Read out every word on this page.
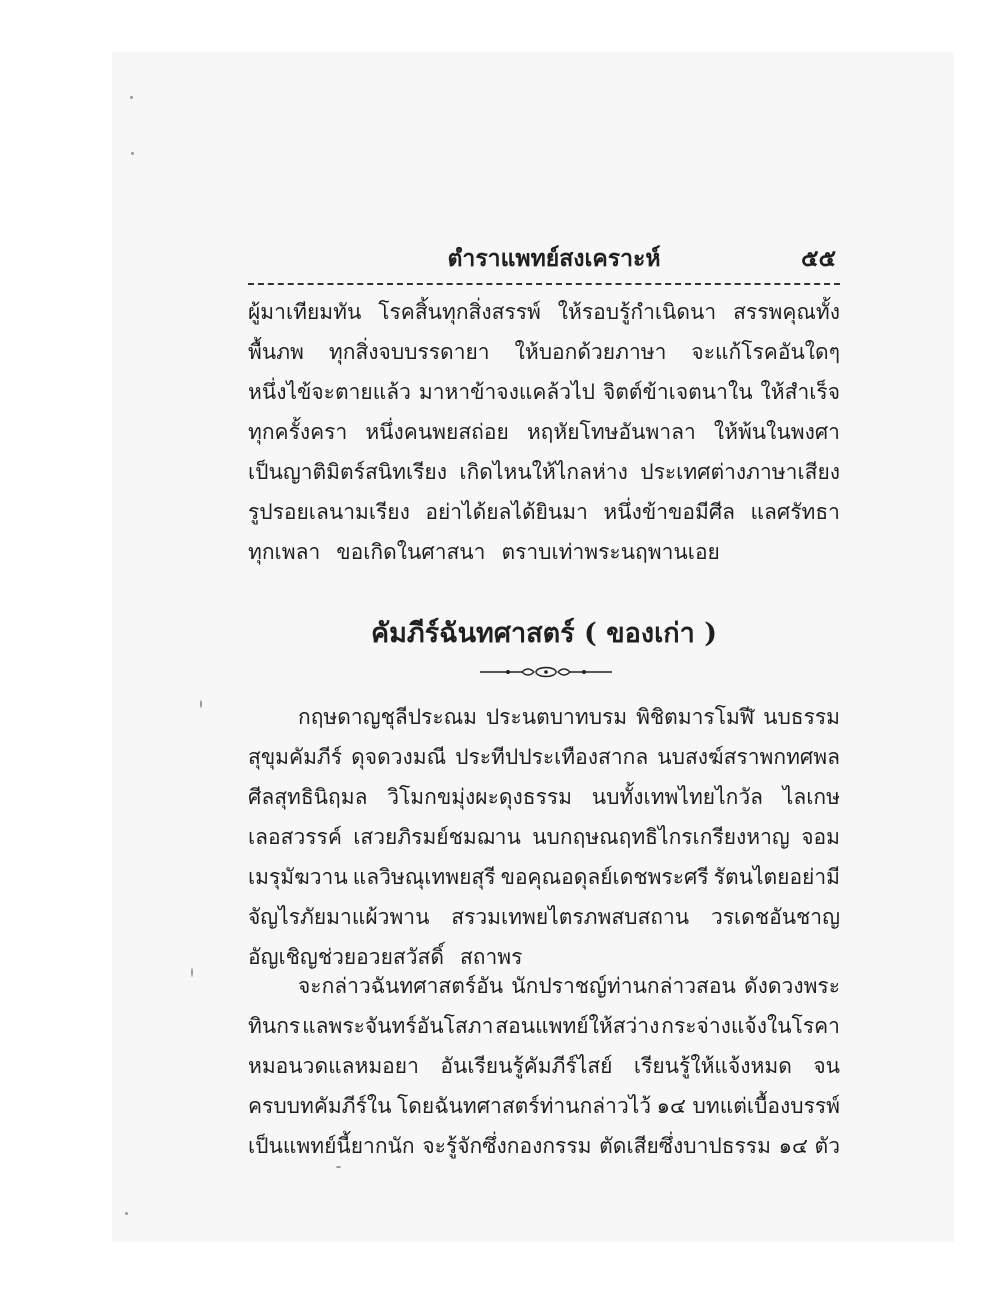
ตำราแพทย์สงเคราะห์	๕๕
ผู้มาเทียมทัน โรคสิ้นทุกสิ่งสรรพ์ ให้รอบรู้กำเนิดนา สรรพคุณทั้ง
พื้นภพ ทุกสิ่งจบบรรดายา ให้บอกด้วยภาษา จะแก้โรคอันใดๆ
หนึ่งไข้จะตายแล้ว มาหาข้าจงแคล้วไป จิตต์ข้าเจตนาใน ให้สำเร็จ
ทุกครั้งครา หนึ่งคนพยสถ่อย หฤหัยโทษอันพาลา ให้พ้นในพงศา
เป็นญาติมิตร์สนิทเรียง เกิดไหนให้ไกลห่าง ประเทศต่างภาษาเสียง
รูปรอยเลนามเรียง อย่าได้ยลได้ยินมา หนึ่งข้าขอมีศีล แลศรัทธา
ทุกเพลา ขอเกิดในศาสนา ตราบเท่าพระนฤพานเอย
คัมภีร์ฉันทศาสตร์ ( ของเก่า )
กฤษดาญชุลีประณม ประนตบาทบรม พิชิตมารโมฬี นบธรรม
สุขุมคัมภีร์ ดุจดวงมณี ประทีปประเทืองสากล นบสงฆ์สราพกทศพล
ศีลสุทธินิฤมล วิโมกขมุ่งผะดุงธรรม นบทั้งเทพไทยไกวัล ไลเกษ
เลอสวรรค์ เสวยภิรมย์ชมฌาน นบกฤษณฤทธิไกรเกรียงหาญ จอม
เมรุมัฆวาน แลวิษณุเทพยสุรี ขอคุณอดุลย์เดชพระศรี รัตนไตยอย่ามี
จัญไรภัยมาแผ้วพาน สรวมเทพยไตรภพสบสถาน วรเดชอันชาญ
อัญเชิญช่วยอวยสวัสดิ์ สถาพร
จะกล่าวฉันทศาสตร์อัน นักปราชญ์ท่านกล่าวสอน ดังดวงพระ
ทินกร แลพระจันทร์อันโสภา สอนแพทย์ให้สว่าง กระจ่างแจ้งในโรคา
หมอนวดแลหมอยา อันเรียนรู้คัมภีร์ไสย์ เรียนรู้ให้แจ้งหมด จน
ครบบทคัมภีร์ใน โดยฉันทศาสตร์ท่านกล่าวไว้ ๑๔ บทแต่เบื้องบรรพ์
เป็นแพทย์นี้ยากนัก จะรู้จักซึ่งกองกรรม ตัดเสียซึ่งบาปธรรม ๑๔ ตัว
